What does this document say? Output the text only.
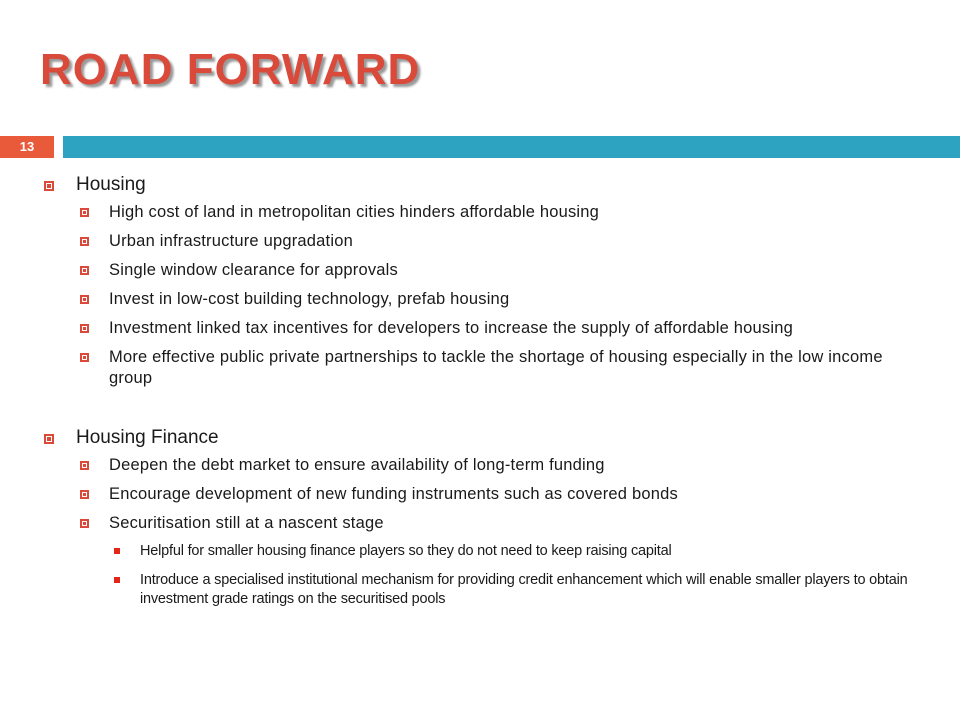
ROAD FORWARD
13
Housing
High cost of land in metropolitan cities hinders affordable housing
Urban infrastructure upgradation
Single window clearance for approvals
Invest in low-cost building technology, prefab housing
Investment linked tax incentives for developers to increase the supply of affordable housing
More effective public private partnerships to tackle the shortage of housing especially in the low income group
Housing Finance
Deepen the debt market to ensure availability of long-term funding
Encourage development of new funding instruments such as covered bonds
Securitisation still at a nascent stage
Helpful for smaller housing finance players so they do not need to keep raising capital
Introduce a specialised institutional mechanism for providing credit enhancement which will enable smaller players to obtain investment grade ratings on the securitised pools
